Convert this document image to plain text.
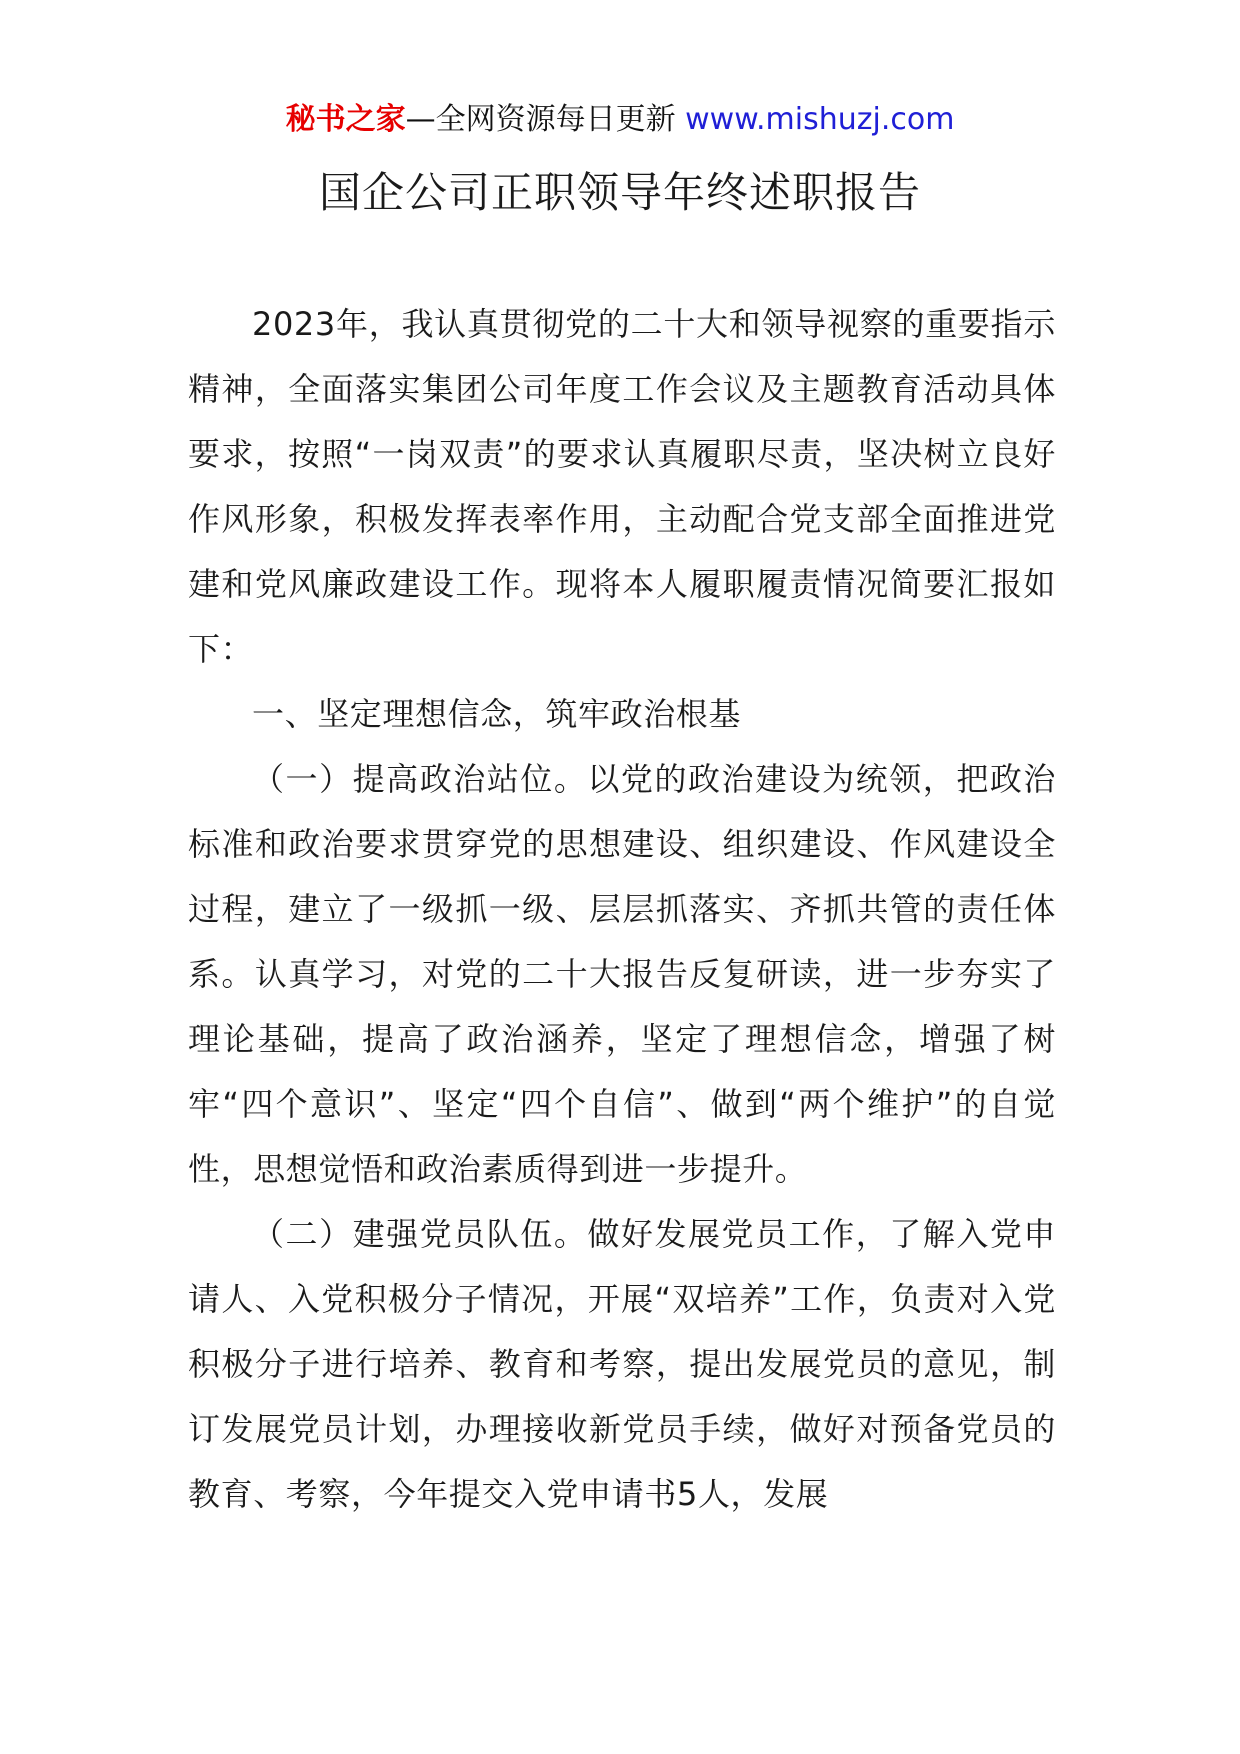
秘书之家—全网资源每日更新 www.mishuzj.com
国企公司正职领导年终述职报告

2023年，我认真贯彻党的二十大和领导视察的重要指示精神，全面落实集团公司年度工作会议及主题教育活动具体要求，按照“一岗双责”的要求认真履职尽责，坚决树立良好作风形象，积极发挥表率作用，主动配合党支部全面推进党建和党风廉政建设工作。现将本人履职履责情况简要汇报如下：

一、坚定理想信念，筑牢政治根基

（一）提高政治站位。以党的政治建设为统领，把政治标准和政治要求贯穿党的思想建设、组织建设、作风建设全过程，建立了一级抓一级、层层抓落实、齐抓共管的责任体系。认真学习，对党的二十大报告反复研读，进一步夯实了理论基础，提高了政治涵养，坚定了理想信念，增强了树牢“四个意识”、坚定“四个自信”、做到“两个维护”的自觉性，思想觉悟和政治素质得到进一步提升。

（二）建强党员队伍。做好发展党员工作，了解入党申请人、入党积极分子情况，开展“双培养”工作，负责对入党积极分子进行培养、教育和考察，提出发展党员的意见，制订发展党员计划，办理接收新党员手续，做好对预备党员的教育、考察，今年提交入党申请书5人，发展
